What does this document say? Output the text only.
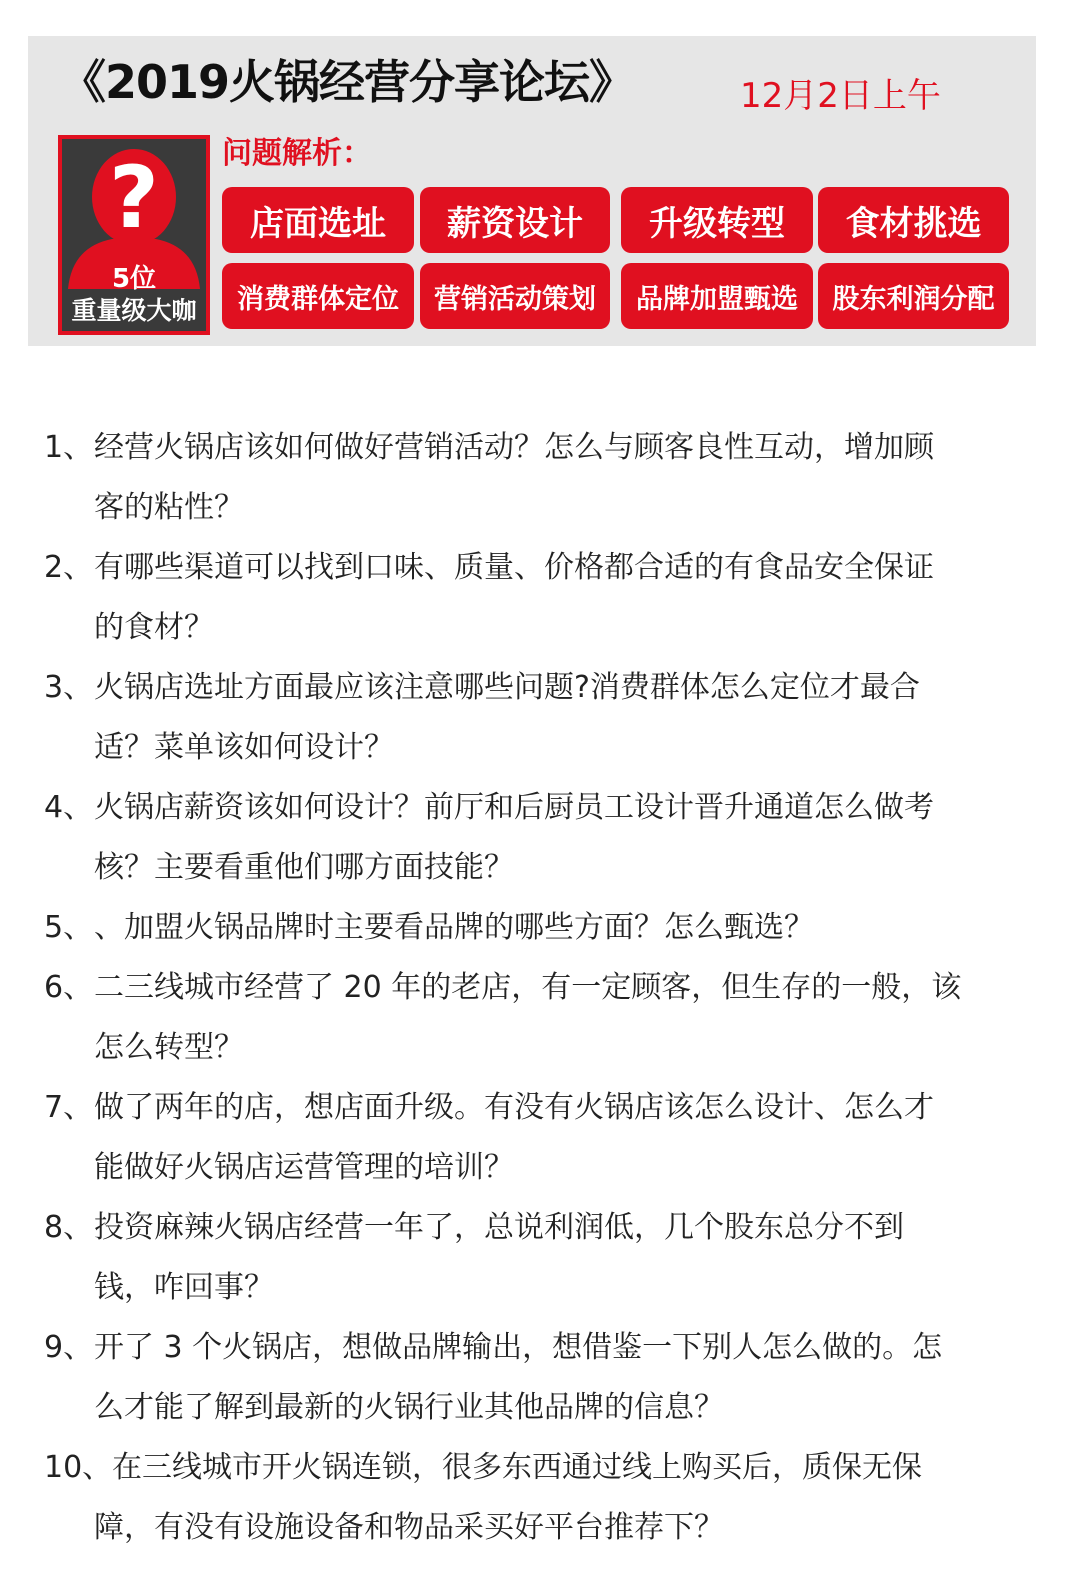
《2019火锅经营分享论坛》	12月2日上午
?
5位
重量级大咖
问题解析：
店面选址	薪资设计	升级转型	食材挑选
消费群体定位	营销活动策划	品牌加盟甄选	股东利润分配
1、 经营火锅店该如何做好营销活动？怎么与顾客良性互动，增加顾
客的粘性？
2、 有哪些渠道可以找到口味、质量、价格都合适的有食品安全保证
的食材？
3、 火锅店选址方面最应该注意哪些问题?消费群体怎么定位才最合
适？菜单该如何设计？
4、 火锅店薪资该如何设计？前厅和后厨员工设计晋升通道怎么做考
核？主要看重他们哪方面技能？
5、 、加盟火锅品牌时主要看品牌的哪些方面？怎么甄选？
6、 二三线城市经营了 20 年的老店，有一定顾客，但生存的一般，该
怎么转型？
7、 做了两年的店，想店面升级。有没有火锅店该怎么设计、怎么才
能做好火锅店运营管理的培训？
8、 投资麻辣火锅店经营一年了，总说利润低，几个股东总分不到
钱，咋回事？
9、 开了 3 个火锅店，想做品牌输出，想借鉴一下别人怎么做的。怎
么才能了解到最新的火锅行业其他品牌的信息？
10、 在三线城市开火锅连锁，很多东西通过线上购买后，质保无保
障，有没有设施设备和物品采买好平台推荐下？
